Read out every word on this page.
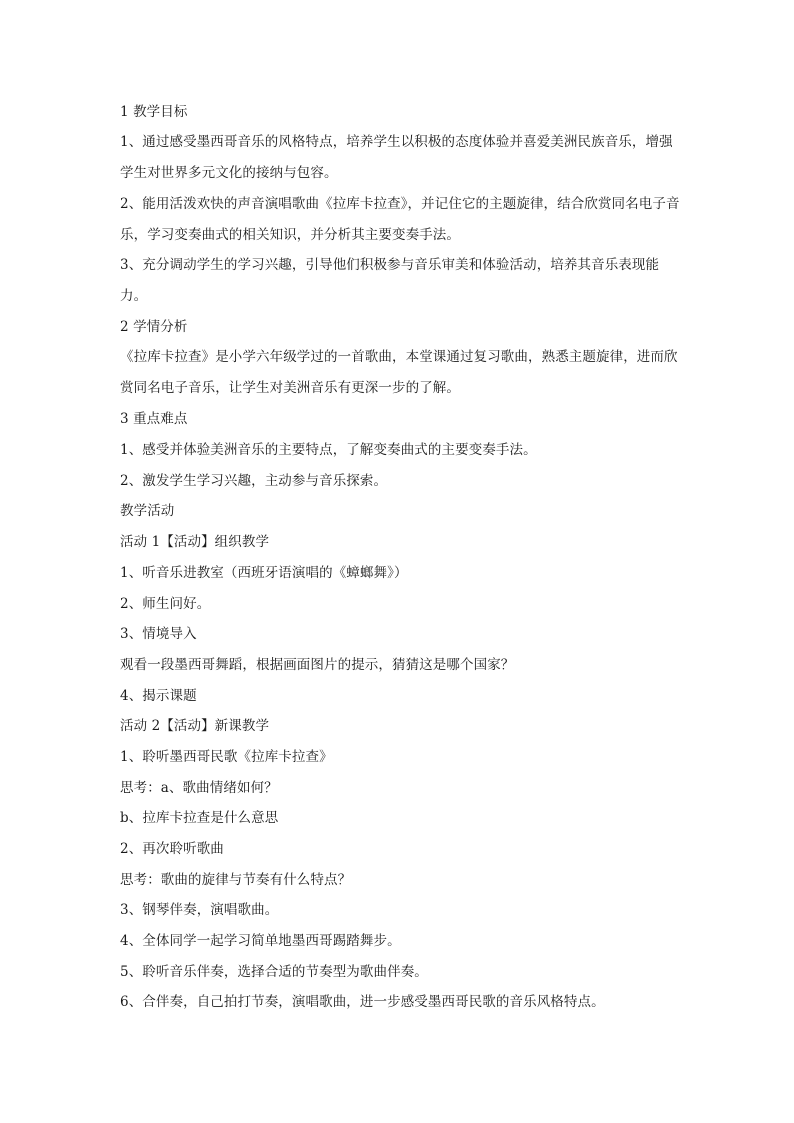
1 教学目标
1、通过感受墨西哥音乐的风格特点，培养学生以积极的态度体验并喜爱美洲民族音乐，增强学生对世界多元文化的接纳与包容。
2、能用活泼欢快的声音演唱歌曲《拉库卡拉查》，并记住它的主题旋律，结合欣赏同名电子音乐，学习变奏曲式的相关知识，并分析其主要变奏手法。
3、充分调动学生的学习兴趣，引导他们积极参与音乐审美和体验活动，培养其音乐表现能力。
2 学情分析
《拉库卡拉查》是小学六年级学过的一首歌曲，本堂课通过复习歌曲，熟悉主题旋律，进而欣赏同名电子音乐，让学生对美洲音乐有更深一步的了解。
3 重点难点
1、感受并体验美洲音乐的主要特点，了解变奏曲式的主要变奏手法。
2、激发学生学习兴趣，主动参与音乐探索。
教学活动
活动 1【活动】组织教学
1、听音乐进教室（西班牙语演唱的《蟑螂舞》）
2、师生问好。
3、情境导入
观看一段墨西哥舞蹈，根据画面图片的提示，猜猜这是哪个国家？
4、揭示课题
活动 2【活动】新课教学
1、聆听墨西哥民歌《拉库卡拉查》
思考：a、歌曲情绪如何？
b、拉库卡拉查是什么意思
2、再次聆听歌曲
思考：歌曲的旋律与节奏有什么特点？
3、钢琴伴奏，演唱歌曲。
4、全体同学一起学习简单地墨西哥踢踏舞步。
5、聆听音乐伴奏，选择合适的节奏型为歌曲伴奏。
6、合伴奏，自己拍打节奏，演唱歌曲，进一步感受墨西哥民歌的音乐风格特点。
